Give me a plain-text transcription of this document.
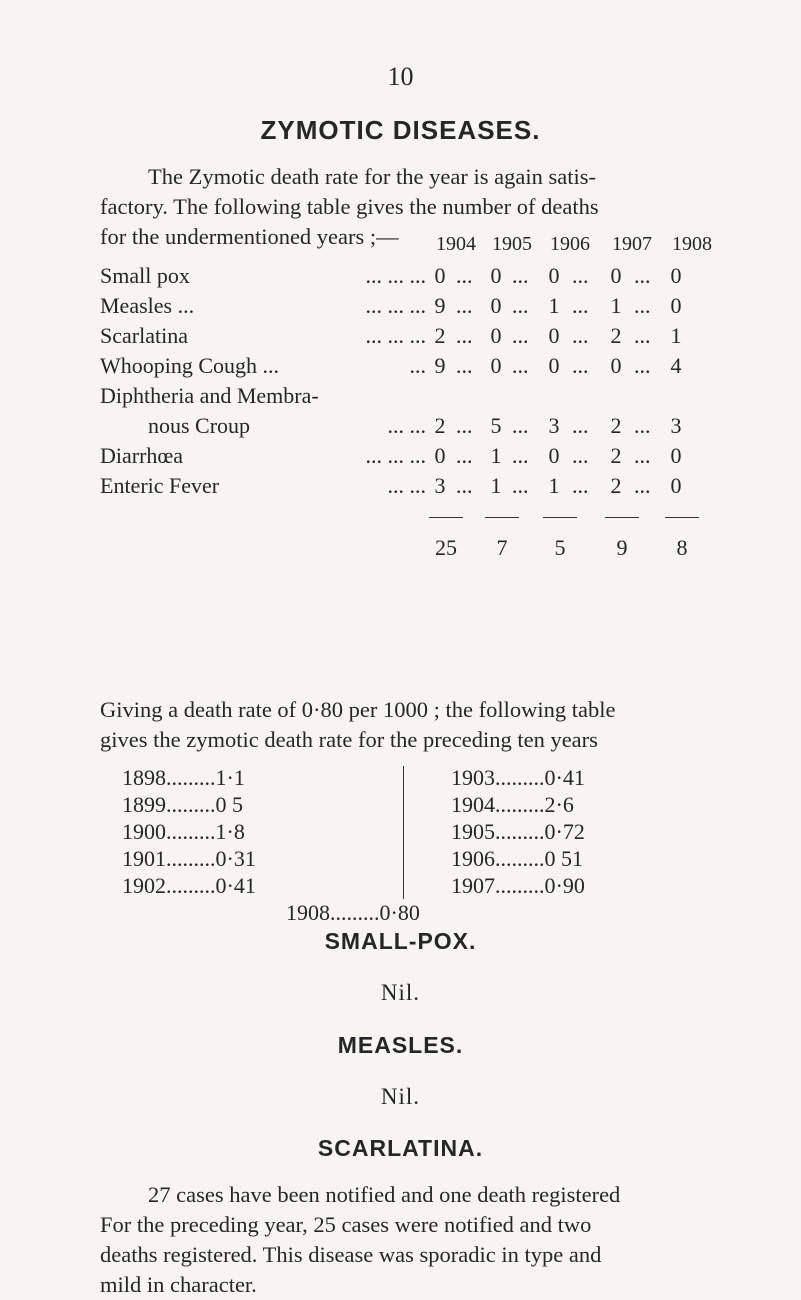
10
ZYMOTIC DISEASES.
The Zymotic death rate for the year is again satis-
factory. The following table gives the number of deaths
for the undermentioned years ;—	1904 1905 1906	1907	1908
Small pox	... ... ... 0 ... 0 ... 0 ... 0 ... 0
Measles ...	... ... ... 9 ... 0 ... 1 ... 1 ... 0
Scarlatina	... ... ... 2 ... 0 ... 0 ... 2 ... 1
Whooping Cough ...	... 9 ... 0 ... 0 ... 0 ... 4
Diphtheria and Membra-
nous Croup	... ... 2 ... 5 ... 3 ... 2 ... 3
Diarrhœa	... ... ... 0 ... 1 ... 0 ... 2 ... 0
Enteric Fever	... ... 3 ... 1 ... 1 ... 2 ... 0
25	7	5	9	8
Giving a death rate of 0·80 per 1000 ; the following table
gives the zymotic death rate for the preceding ten years
1898.........1·1
1899.........0 5
1900.........1·8
1901.........0·31
1902.........0·41
1903.........0·41
1904.........2·6
1905.........0·72
1906.........0 51
1907.........0·90
1908.........0·80
SMALL-POX.
Nil.
MEASLES.
Nil.
SCARLATINA.
27 cases have been notified and one death registered
For the preceding year, 25 cases were notified and two
deaths registered. This disease was sporadic in type and
mild in character.
